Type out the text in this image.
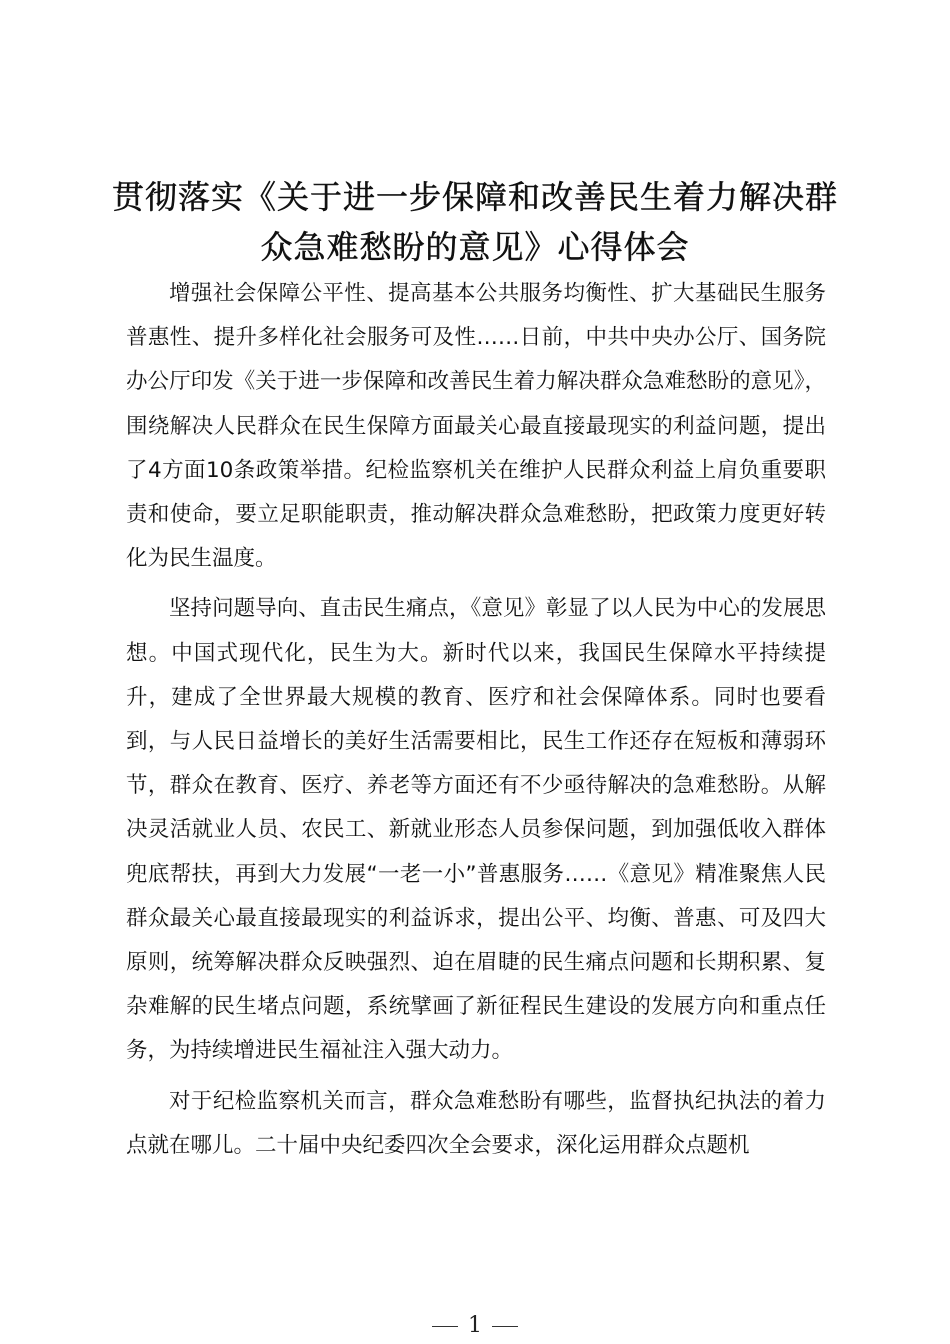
贯彻落实《关于进一步保障和改善民生着力解决群众急难愁盼的意见》心得体会

增强社会保障公平性、提高基本公共服务均衡性、扩大基础民生服务普惠性、提升多样化社会服务可及性……日前，中共中央办公厅、国务院办公厅印发《关于进一步保障和改善民生着力解决群众急难愁盼的意见》，围绕解决人民群众在民生保障方面最关心最直接最现实的利益问题，提出了4方面10条政策举措。纪检监察机关在维护人民群众利益上肩负重要职责和使命，要立足职能职责，推动解决群众急难愁盼，把政策力度更好转化为民生温度。

坚持问题导向、直击民生痛点，《意见》彰显了以人民为中心的发展思想。中国式现代化，民生为大。新时代以来，我国民生保障水平持续提升，建成了全世界最大规模的教育、医疗和社会保障体系。同时也要看到，与人民日益增长的美好生活需要相比，民生工作还存在短板和薄弱环节，群众在教育、医疗、养老等方面还有不少亟待解决的急难愁盼。从解决灵活就业人员、农民工、新就业形态人员参保问题，到加强低收入群体兜底帮扶，再到大力发展“一老一小”普惠服务……《意见》精准聚焦人民群众最关心最直接最现实的利益诉求，提出公平、均衡、普惠、可及四大原则，统筹解决群众反映强烈、迫在眉睫的民生痛点问题和长期积累、复杂难解的民生堵点问题，系统擘画了新征程民生建设的发展方向和重点任务，为持续增进民生福祉注入强大动力。

对于纪检监察机关而言，群众急难愁盼有哪些，监督执纪执法的着力点就在哪儿。二十届中央纪委四次全会要求，深化运用群众点题机

1
